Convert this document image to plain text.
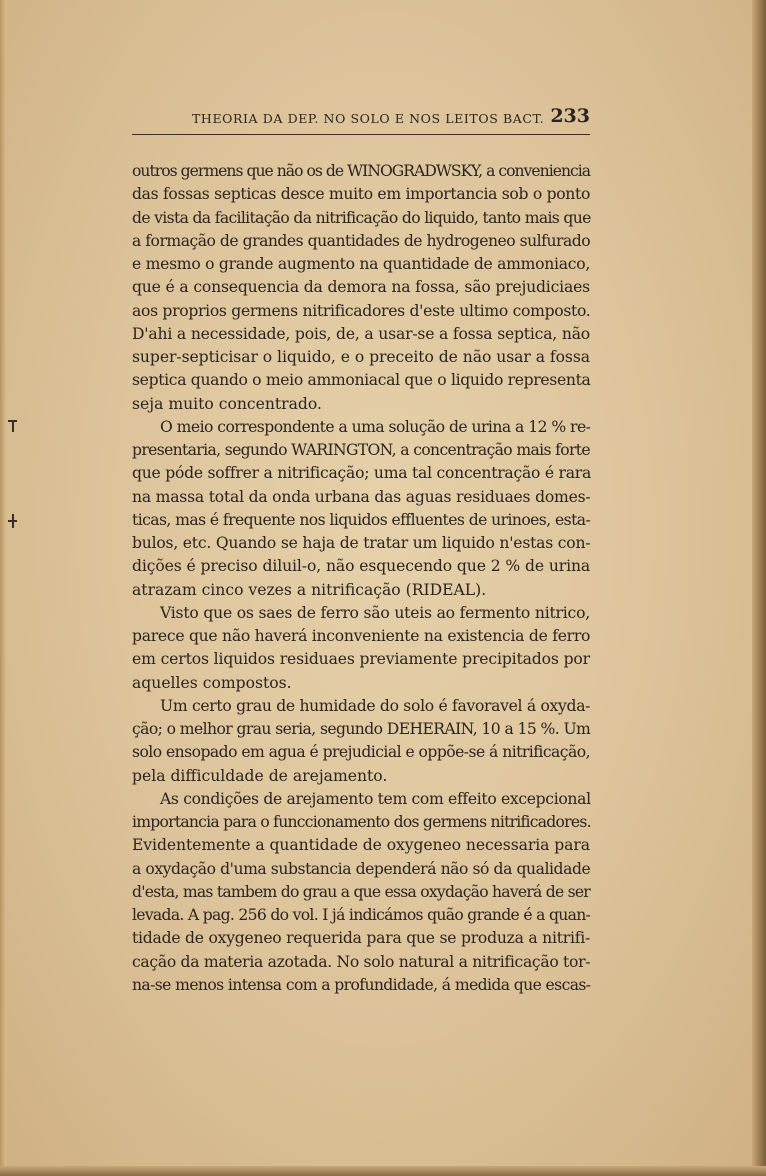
THEORIA DA DEP. NO SOLO E NOS LEITOS BACT. 233
outros germens que não os de WINOGRADWSKY, a conveniencia
das fossas septicas desce muito em importancia sob o ponto
de vista da facilitação da nitrificação do liquido, tanto mais que
a formação de grandes quantidades de hydrogeneo sulfurado
e mesmo o grande augmento na quantidade de ammoniaco,
que é a consequencia da demora na fossa, são prejudiciaes
aos proprios germens nitrificadores d'este ultimo composto.
D'ahi a necessidade, pois, de, a usar-se a fossa septica, não
super-septicisar o liquido, e o preceito de não usar a fossa
septica quando o meio ammoniacal que o liquido representa
seja muito concentrado.
O meio correspondente a uma solução de urina a 12 % re-
presentaria, segundo WARINGTON, a concentração mais forte
que póde soffrer a nitrificação; uma tal concentração é rara
na massa total da onda urbana das aguas residuaes domes-
ticas, mas é frequente nos liquidos effluentes de urinoes, esta-
bulos, etc. Quando se haja de tratar um liquido n'estas con-
dições é preciso diluil-o, não esquecendo que 2 % de urina
atrazam cinco vezes a nitrificação (RIDEAL).
Visto que os saes de ferro são uteis ao fermento nitrico,
parece que não haverá inconveniente na existencia de ferro
em certos liquidos residuaes previamente precipitados por
aquelles compostos.
Um certo grau de humidade do solo é favoravel á oxyda-
ção; o melhor grau seria, segundo DEHERAIN, 10 a 15 %. Um
solo ensopado em agua é prejudicial e oppõe-se á nitrificação,
pela difficuldade de arejamento.
As condições de arejamento tem com effeito excepcional
importancia para o funccionamento dos germens nitrificadores.
Evidentemente a quantidade de oxygeneo necessaria para
a oxydação d'uma substancia dependerá não só da qualidade
d'esta, mas tambem do grau a que essa oxydação haverá de ser
levada. A pag. 256 do vol. I já indicámos quão grande é a quan-
tidade de oxygeneo requerida para que se produza a nitrifi-
cação da materia azotada. No solo natural a nitrificação tor-
na-se menos intensa com a profundidade, á medida que escas-
